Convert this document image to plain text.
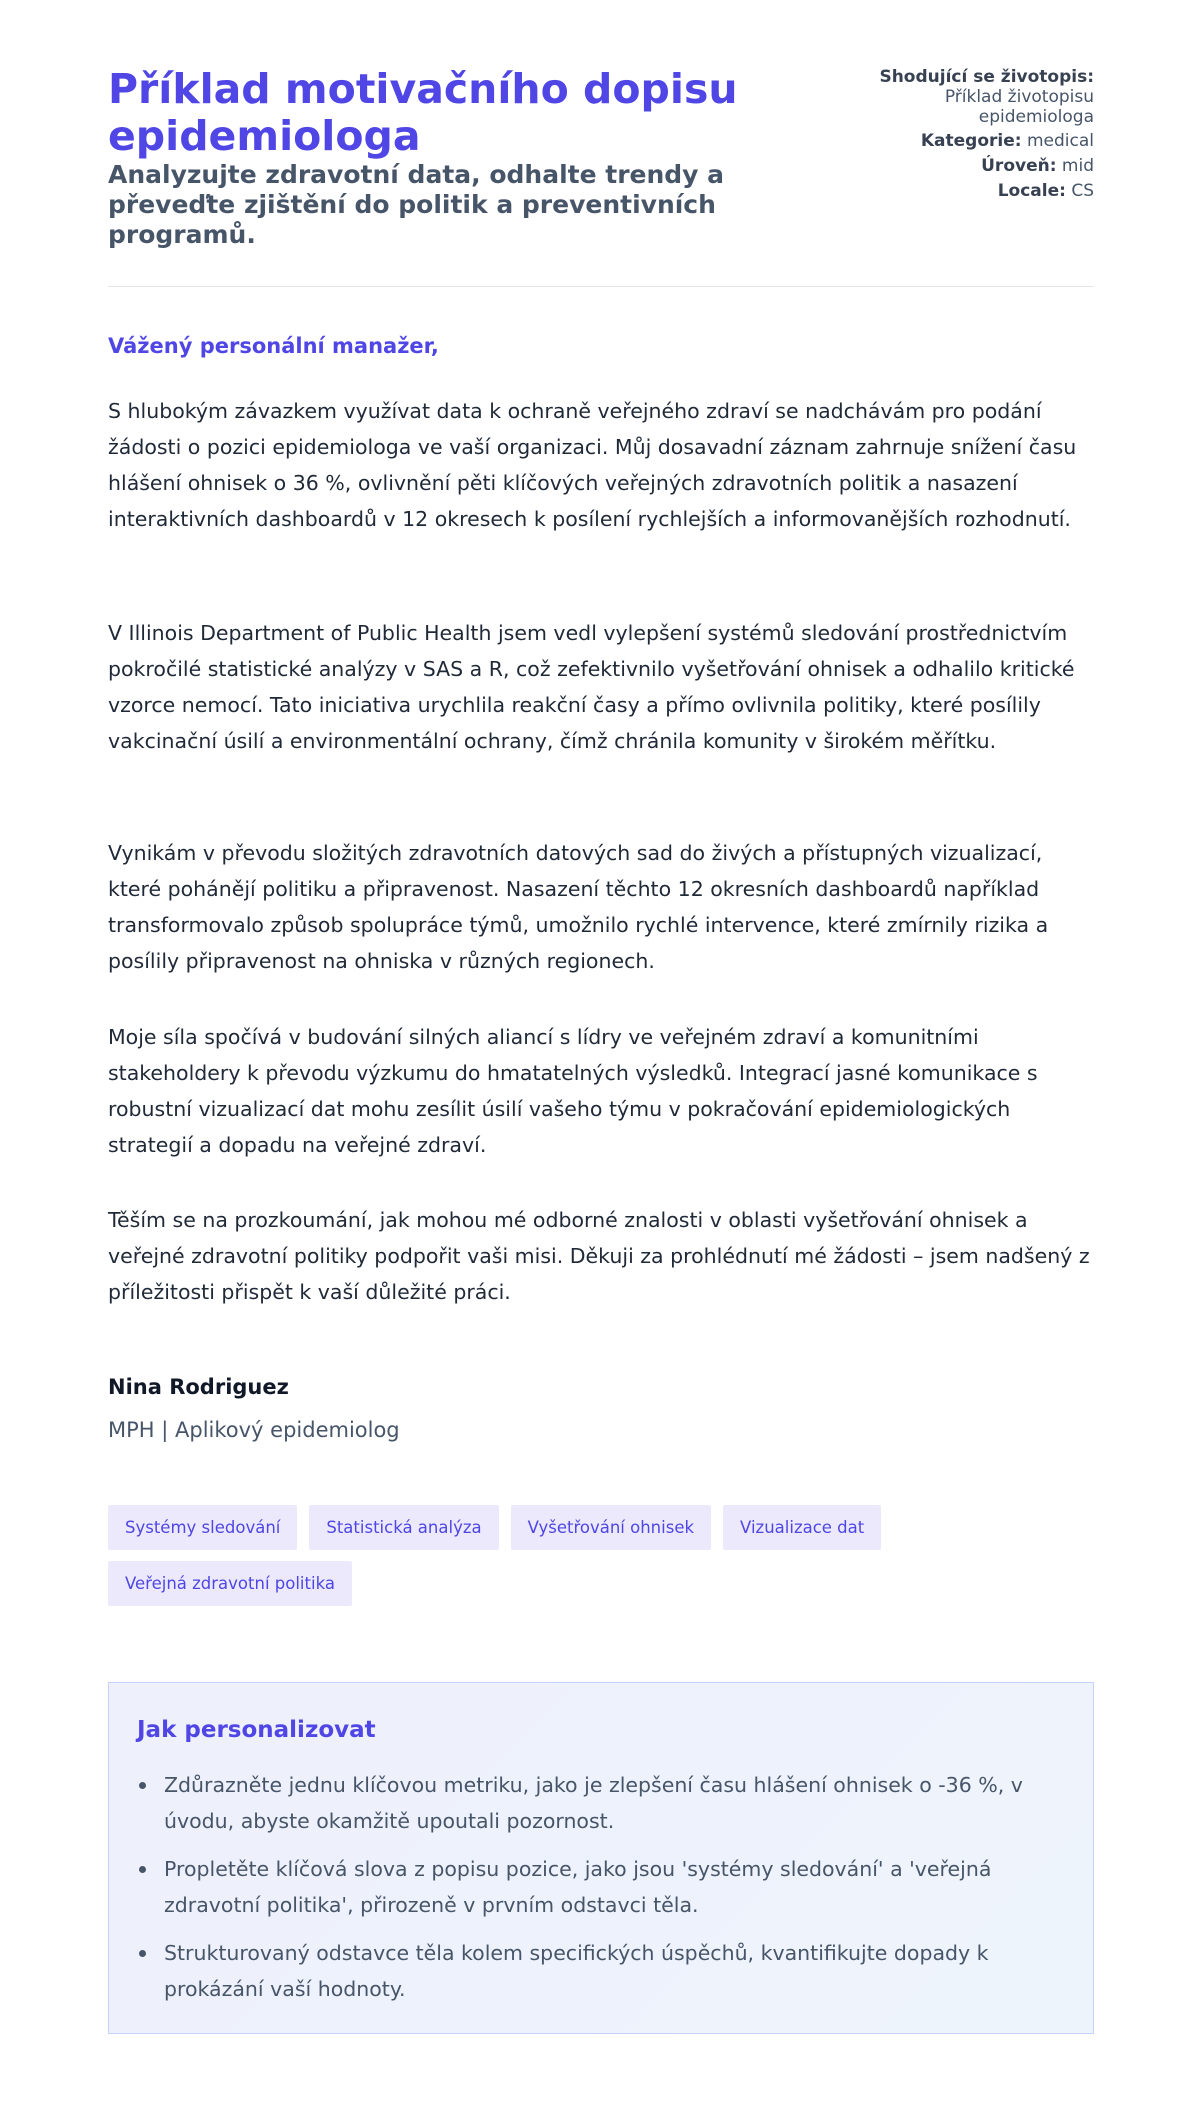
Příklad motivačního dopisu epidemiologa
Analyzujte zdravotní data, odhalte trendy a převeďte zjištění do politik a preventivních programů.
Shodující se životopis:
Příklad životopisu epidemiologa
Kategorie: medical
Úroveň: mid
Locale: CS

Vážený personální manažer,

S hlubokým závazkem využívat data k ochraně veřejného zdraví se nadchávám pro podání žádosti o pozici epidemiologa ve vaší organizaci. Můj dosavadní záznam zahrnuje snížení času hlášení ohnisek o 36 %, ovlivnění pěti klíčových veřejných zdravotních politik a nasazení interaktivních dashboardů v 12 okresech k posílení rychlejších a informovanějších rozhodnutí.

V Illinois Department of Public Health jsem vedl vylepšení systémů sledování prostřednictvím pokročilé statistické analýzy v SAS a R, což zefektivnilo vyšetřování ohnisek a odhalilo kritické vzorce nemocí. Tato iniciativa urychlila reakční časy a přímo ovlivnila politiky, které posílily vakcinační úsilí a environmentální ochrany, čímž chránila komunity v širokém měřítku.

Vynikám v převodu složitých zdravotních datových sad do živých a přístupných vizualizací, které pohánějí politiku a připravenost. Nasazení těchto 12 okresních dashboardů například transformovalo způsob spolupráce týmů, umožnilo rychlé intervence, které zmírnily rizika a posílily připravenost na ohniska v různých regionech.

Moje síla spočívá v budování silných aliancí s lídry ve veřejném zdraví a komunitními stakeholdery k převodu výzkumu do hmatatelných výsledků. Integrací jasné komunikace s robustní vizualizací dat mohu zesílit úsilí vašeho týmu v pokračování epidemiologických strategií a dopadu na veřejné zdraví.

Těším se na prozkoumání, jak mohou mé odborné znalosti v oblasti vyšetřování ohnisek a veřejné zdravotní politiky podpořit vaši misi. Děkuji za prohlédnutí mé žádosti – jsem nadšený z příležitosti přispět k vaší důležité práci.

Nina Rodriguez

MPH | Aplikový epidemiolog

Systémy sledování	Statistická analýza	Vyšetřování ohnisek	Vizualizace dat
Veřejná zdravotní politika
Jak personalizovat
Zdůrazněte jednu klíčovou metriku, jako je zlepšení času hlášení ohnisek o -36 %, v úvodu, abyste okamžitě upoutali pozornost.
Propletěte klíčová slova z popisu pozice, jako jsou 'systémy sledování' a 'veřejná zdravotní politika', přirozeně v prvním odstavci těla.
Strukturovaný odstavce těla kolem specifických úspěchů, kvantifikujte dopady k prokázání vaší hodnoty.
